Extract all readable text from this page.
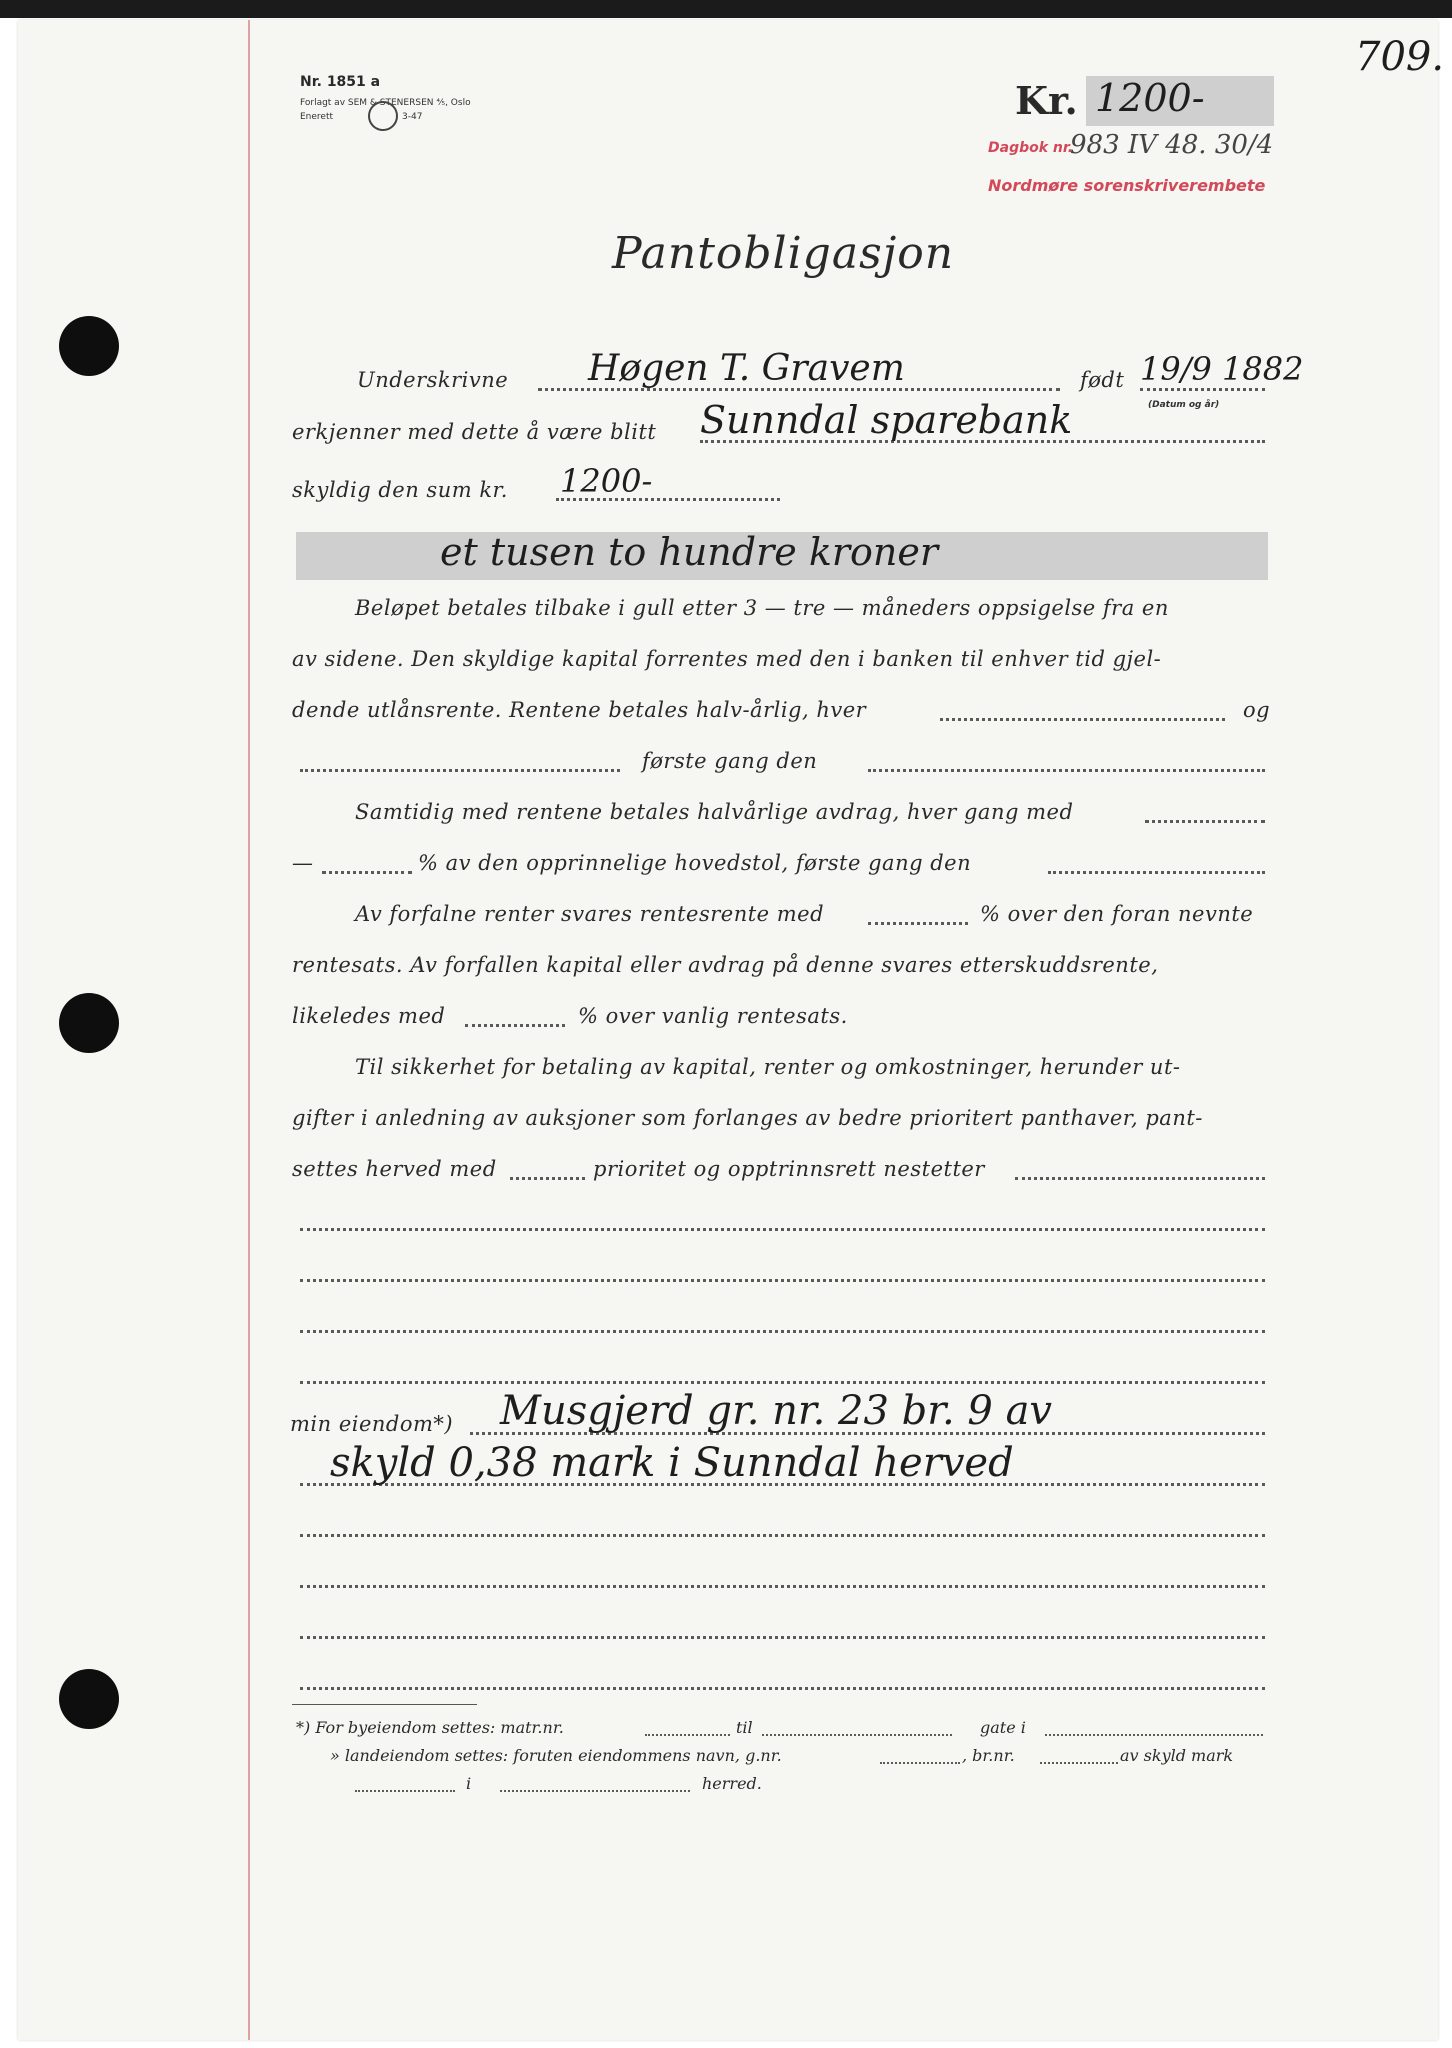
709.
Nr. 1851 a
Forlagt av SEM & STENERSEN ⅘, Oslo
Enerett	3-47	Kr. 1200-
Dagbok nr.
983 IV 48. 30/4
Nordmøre sorenskriverembete
Pantobligasjon
Underskrivne Høgen T. Gravem	født 19/9 1882
(Datum og år)
erkjenner med dette å være blitt Sunndal sparebank
skyldig den sum kr. 1200-
et tusen to hundre kroner
Beløpet betales tilbake i gull etter 3 — tre — måneders oppsigelse fra en
av sidene. Den skyldige kapital forrentes med den i banken til enhver tid gjel-
dende utlånsrente. Rentene betales halv-årlig, hver	og
første gang den
Samtidig med rentene betales halvårlige avdrag, hver gang med
—	% av den opprinnelige hovedstol, første gang den
Av forfalne renter svares rentesrente med	% over den foran nevnte
rentesats. Av forfallen kapital eller avdrag på denne svares etterskuddsrente,
likeledes med	% over vanlig rentesats.
Til sikkerhet for betaling av kapital, renter og omkostninger, herunder ut-
gifter i anledning av auksjoner som forlanges av bedre prioritert panthaver, pant-
settes herved med	prioritet og opptrinnsrett nestetter
min eiendom*) Musgjerd gr. nr. 23 br. 9 av
skyld 0,38 mark i Sunndal herved
*) For byeiendom settes: matr.nr.	til	gate i
» landeiendom settes: foruten eiendommens navn, g.nr.	, br.nr.	av skyld mark
i	herred.
